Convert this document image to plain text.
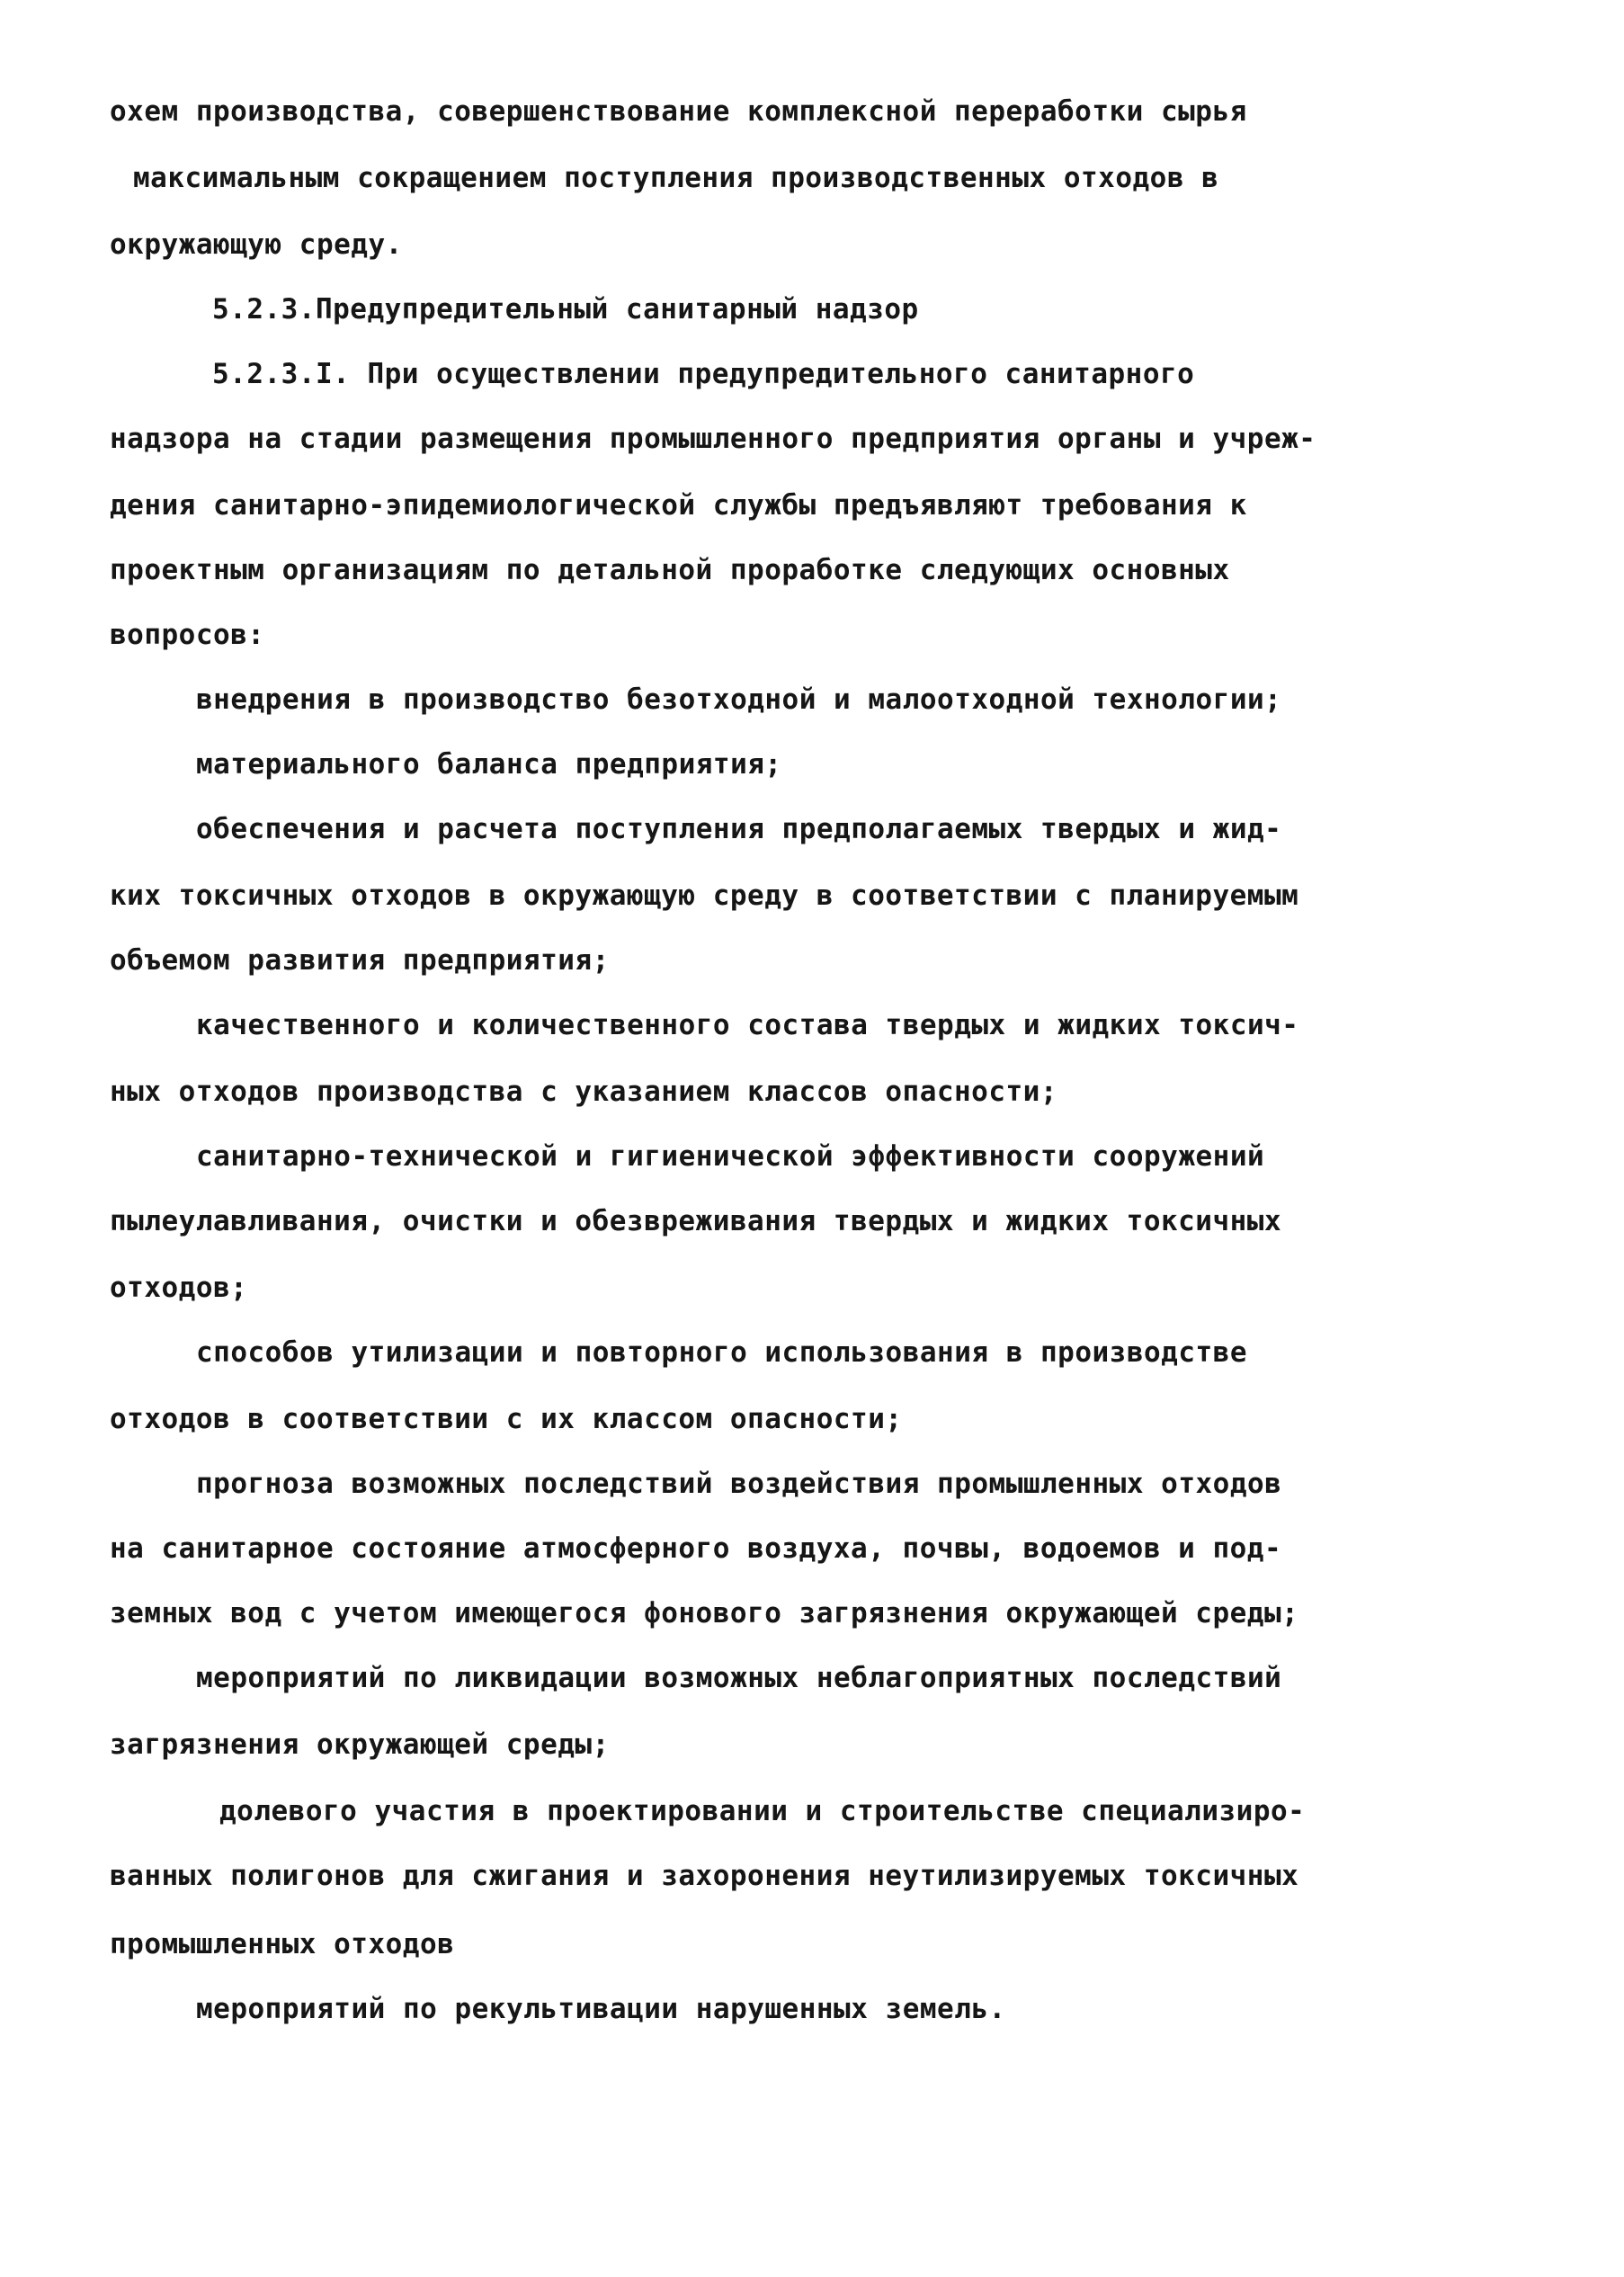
охем производства, совершенствование комплексной переработки сырья
максимальным сокращением поступления производственных отходов в
окружающую среду.
5.2.3.Предупредительный санитарный надзор
5.2.3.I. При осуществлении предупредительного санитарного
надзора на стадии размещения промышленного предприятия органы и учреж-
дения санитарно-эпидемиологической службы предъявляют требования к
проектным организациям по детальной проработке следующих основных
вопросов:
внедрения в производство безотходной и малоотходной технологии;
материального баланса предприятия;
обеспечения и расчета поступления предполагаемых твердых и жид-
ких токсичных отходов в окружающую среду в соответствии с планируемым
объемом развития предприятия;
качественного и количественного состава твердых и жидких токсич-
ных отходов производства с указанием классов опасности;
санитарно-технической и гигиенической эффективности сооружений
пылеулавливания, очистки и обезвреживания твердых и жидких токсичных
отходов;
способов утилизации и повторного использования в производстве
отходов в соответствии с их классом опасности;
прогноза возможных последствий воздействия промышленных отходов
на санитарное состояние атмосферного воздуха, почвы, водоемов и под-
земных вод с учетом имеющегося фонового загрязнения окружающей среды;
мероприятий по ликвидации возможных неблагоприятных последствий
загрязнения окружающей среды;
долевого участия в проектировании и строительстве специализиро-
ванных полигонов для сжигания и захоронения неутилизируемых токсичных
промышленных отходов
мероприятий по рекультивации нарушенных земель.
